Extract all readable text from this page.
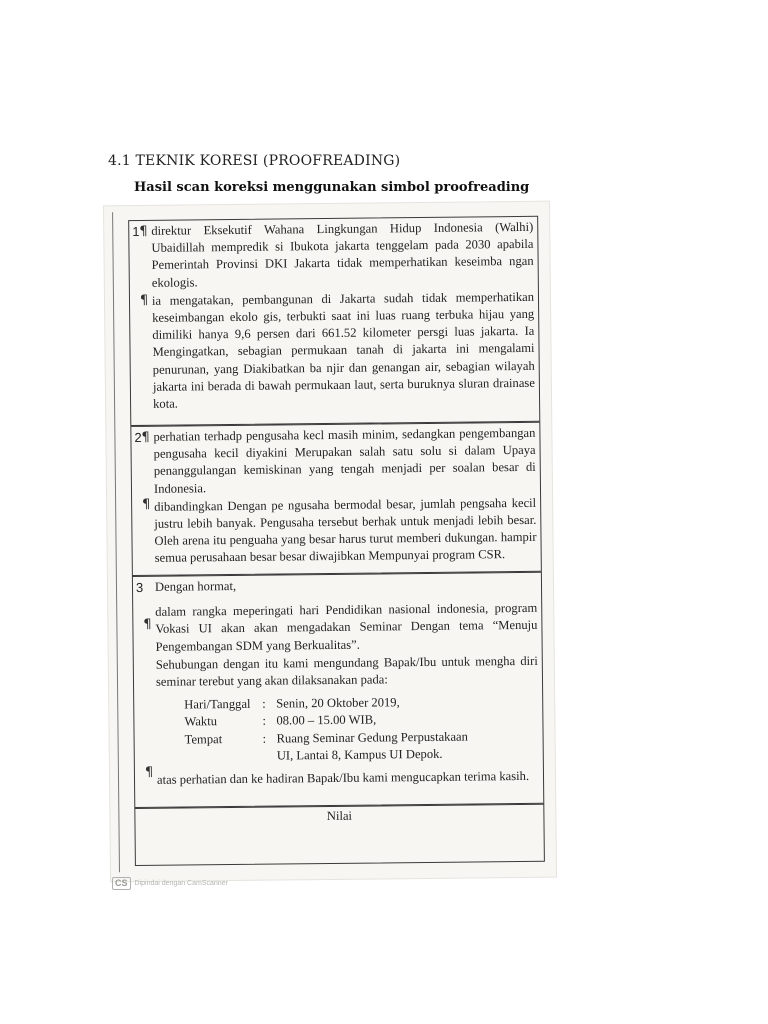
4.1 TEKNIK KORESI (PROOFREADING)
Hasil scan koreksi menggunakan simbol proofreading
1 direktur Eksekutif Wahana Lingkungan Hidup Indonesia (Walhi) Ubaidillah mempredik si Ibukota jakarta tenggelam pada 2030 apabila Pemerintah Provinsi DKI Jakarta tidak memperhatikan keseimba ngan ekologis.

ia mengatakan, pembangunan di Jakarta sudah tidak memperhatikan keseimbangan ekolo gis, terbukti saat ini luas ruang terbuka hijau yang dimiliki hanya 9,6 persen dari 661.52 kilometer persgi luas jakarta. Ia Mengingatkan, sebagian permukaan tanah di jakarta ini mengalami penurunan, yang Diakibatkan ba njir dan genangan air, sebagian wilayah jakarta ini berada di bawah permukaan laut, serta buruknya sluran drainase kota.

¶
¶
2 perhatian terhadp pengusaha kecl masih minim, sedangkan pengembangan pengusaha kecil diyakini Merupakan salah satu solu si dalam Upaya penanggulangan kemiskinan yang tengah menjadi per soalan besar di Indonesia.

dibandingkan Dengan pe ngusaha bermodal besar, jumlah pengsaha kecil justru lebih banyak. Pengusaha tersebut berhak untuk menjadi lebih besar. Oleh arena itu penguaha yang besar harus turut memberi dukungan. hampir semua perusahaan besar besar diwajibkan Mempunyai program CSR.

¶
¶
3 Dengan hormat,

dalam rangka meperingati hari Pendidikan nasional indonesia, program Vokasi UI akan akan mengadakan Seminar Dengan tema “Menuju Pengembangan SDM yang Berkualitas”.

Sehubungan dengan itu kami mengundang Bapak/Ibu untuk mengha diri seminar terebut yang akan dilaksanakan pada:

Hari/Tanggal : Senin, 20 Oktober 2019,
Waktu	: 08.00 – 15.00 WIB,
Tempat	: Ruang Seminar Gedung Perpustakaan
UI, Lantai 8, Kampus UI Depok.

atas perhatian dan ke hadiran Bapak/Ibu kami mengucapkan terima kasih.

¶
¶
Nilai
CS	Dipindai dengan CamScanner
